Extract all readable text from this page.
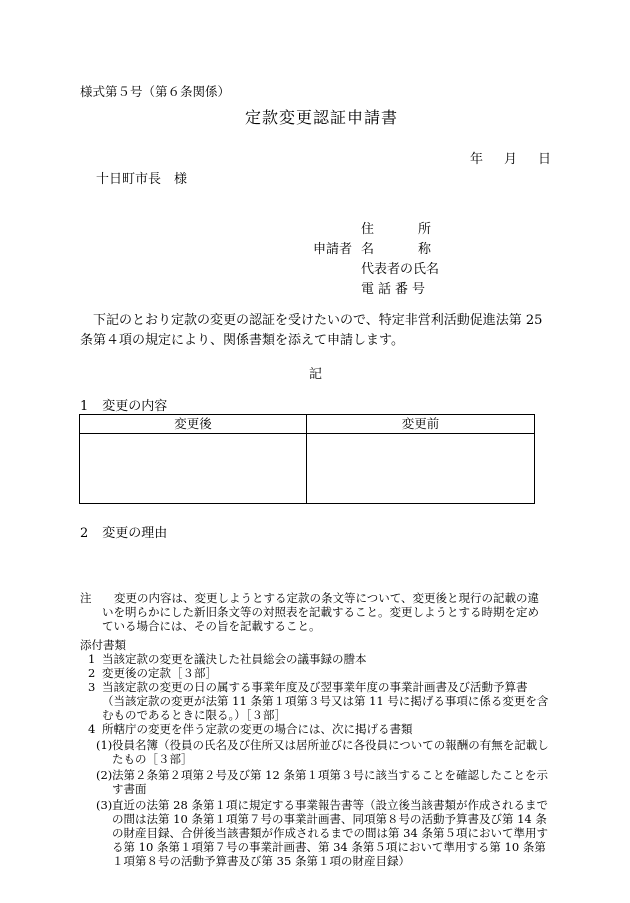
様式第５号（第６条関係）
定款変更認証申請書
年 月 日
十日町市長　様
申請者
住	所
名	称
代表者の氏名
電 話 番 号
下記のとおり定款の変更の認証を受けたいので、特定非営利活動促進法第 25 条第４項の規定により、関係書類を添えて申請します。
記
1 変更の内容
変更後	変更前
2 変更の理由
注	変更の内容は、変更しようとする定款の条文等について、変更後と現行の記載の違いを明らかにした新旧条文等の対照表を記載すること。変更しようとする時期を定めている場合には、その旨を記載すること。
添付書類
1 当該定款の変更を議決した社員総会の議事録の謄本
2 変更後の定款［３部］
3 当該定款の変更の日の属する事業年度及び翌事業年度の事業計画書及び活動予算書（当該定款の変更が法第 11 条第１項第３号又は第 11 号に掲げる事項に係る変更を含むものであるときに限る。）［３部］
4 所轄庁の変更を伴う定款の変更の場合には、次に掲げる書類
(1) 役員名簿（役員の氏名及び住所又は居所並びに各役員についての報酬の有無を記載したもの［３部］
(2) 法第２条第２項第２号及び第 12 条第１項第３号に該当することを確認したことを示す書面
(3) 直近の法第 28 条第１項に規定する事業報告書等（設立後当該書類が作成されるまでの間は法第 10 条第１項第７号の事業計画書、同項第８号の活動予算書及び第 14 条の財産目録、合併後当該書類が作成されるまでの間は第 34 条第５項において準用する第 10 条第１項第７号の事業計画書、第 34 条第５項において準用する第 10 条第１項第８号の活動予算書及び第 35 条第１項の財産目録）
